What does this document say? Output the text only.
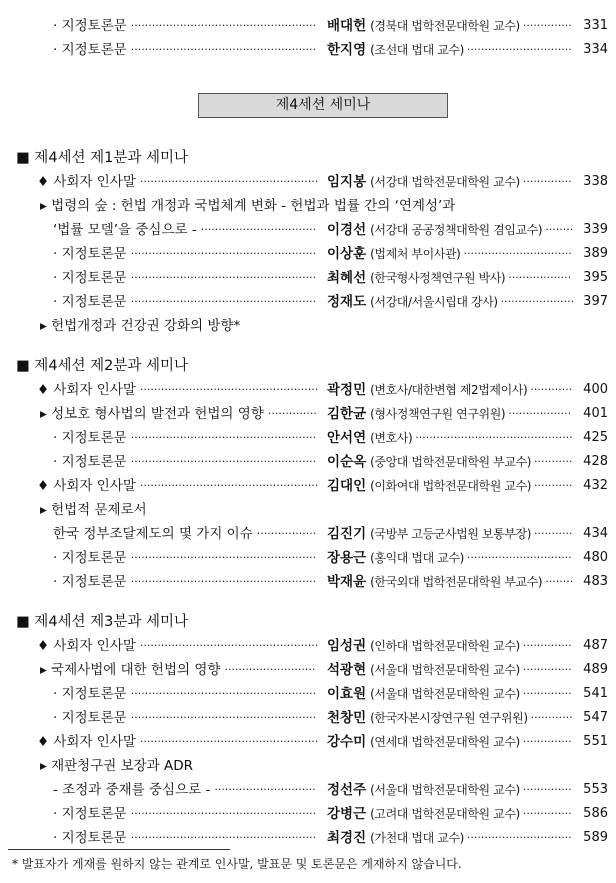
제4세션 세미나
· 지정토론문 ····················································· 배대헌 (경북대 법학전문대학원 교수) ·············· 331
· 지정토론문 ····················································· 한지영 (조선대 법대 교수) ······························ 334
■ 제4세션 제1분과 세미나
♦ 사회자 인사말 ··················································· 임지봉 (서강대 법학전문대학원 교수) ·············· 338
▸ 법령의 숲 : 헌법 개정과 국법체계 변화 - 헌법과 법률 간의 ‘연계성’과
‘법률 모델’을 중심으로 - ································· 이경선 (서강대 공공정책대학원 겸임교수) ········ 339
· 지정토론문 ····················································· 이상훈 (법제처 부이사관) ······························· 389
· 지정토론문 ····················································· 최혜선 (한국형사정책연구원 박사) ·················· 395
· 지정토론문 ····················································· 정재도 (서강대/서울시립대 강사) ····················· 397
▸ 헌법개정과 건강권 강화의 방향*
■ 제4세션 제2분과 세미나
♦ 사회자 인사말 ··················································· 곽정민 (변호사/대한변협 제2법제이사) ············ 400
▸ 성보호 형사법의 발전과 헌법의 영향 ·············· 김한균 (형사정책연구원 연구위원) ·················· 401
· 지정토론문 ····················································· 안서연 (변호사) ············································· 425
· 지정토론문 ····················································· 이순옥 (중앙대 법학전문대학원 부교수) ··········· 428
♦ 사회자 인사말 ··················································· 김대인 (이화여대 법학전문대학원 교수) ··········· 432
▸ 헌법적 문제로서
한국 정부조달제도의 몇 가지 이슈 ················· 김진기 (국방부 고등군사법원 보통부장) ··········· 434
· 지정토론문 ····················································· 장용근 (홍익대 법대 교수) ······························ 480
· 지정토론문 ····················································· 박재윤 (한국외대 법학전문대학원 부교수) ········ 483
■ 제4세션 제3분과 세미나
♦ 사회자 인사말 ··················································· 임성권 (인하대 법학전문대학원 교수) ·············· 487
▸ 국제사법에 대한 헌법의 영향 ·························· 석광현 (서울대 법학전문대학원 교수) ·············· 489
· 지정토론문 ····················································· 이효원 (서울대 법학전문대학원 교수) ·············· 541
· 지정토론문 ····················································· 천창민 (한국자본시장연구원 연구위원) ············ 547
♦ 사회자 인사말 ··················································· 강수미 (연세대 법학전문대학원 교수) ·············· 551
▸ 재판청구권 보장과 ADR
- 조정과 중재를 중심으로 - ····························· 정선주 (서울대 법학전문대학원 교수) ·············· 553
· 지정토론문 ····················································· 강병근 (고려대 법학전문대학원 교수) ·············· 586
· 지정토론문 ····················································· 최경진 (가천대 법대 교수) ······························ 589
* 발표자가 게재를 원하지 않는 관계로 인사말, 발표문 및 토론문은 게재하지 않습니다.
